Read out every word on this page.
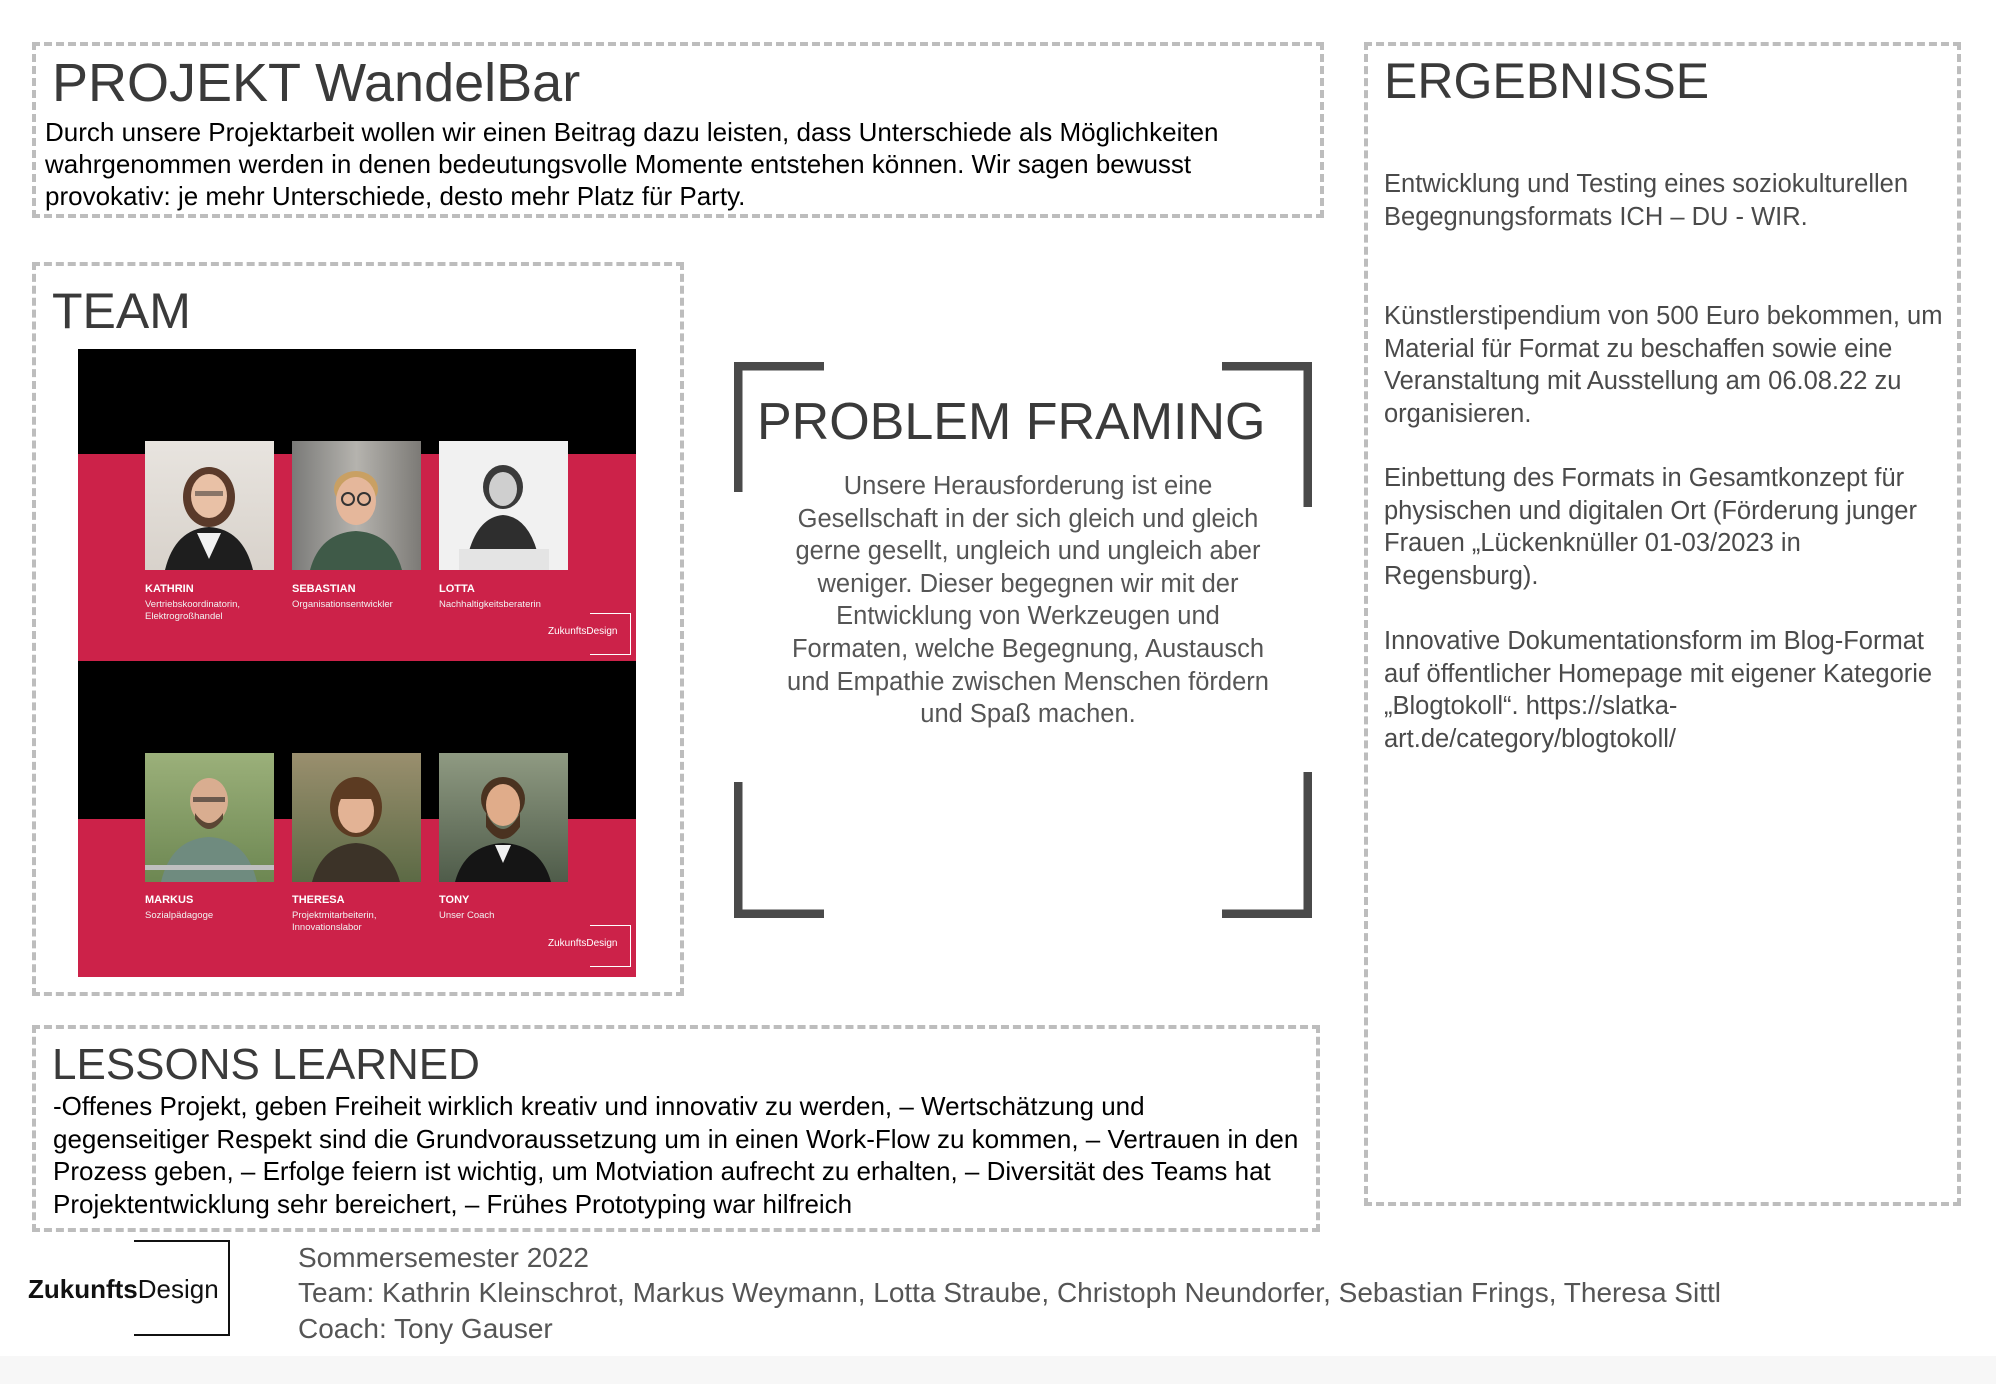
PROJEKT WandelBar
Durch unsere Projektarbeit wollen wir einen Beitrag dazu leisten, dass Unterschiede als Möglichkeiten wahrgenommen werden in denen bedeutungsvolle Momente entstehen können. Wir sagen bewusst provokativ: je mehr Unterschiede, desto mehr Platz für Party.
ERGEBNISSE
Entwicklung und Testing eines soziokulturellen Begegnungsformats ICH – DU - WIR.
Künstlerstipendium von 500 Euro bekommen, um Material für Format zu beschaffen sowie eine Veranstaltung mit Ausstellung am 06.08.22 zu organisieren.
Einbettung des Formats in Gesamtkonzept für physischen und digitalen Ort (Förderung junger Frauen „Lückenknüller 01-03/2023 in Regensburg).
Innovative Dokumentationsform im Blog-Format auf öffentlicher Homepage mit eigener Kategorie „Blogtokoll“. https://slatka-art.de/category/blogtokoll/
TEAM
KATHRIN
Vertriebskoordinatorin, Elektrogroßhandel
SEBASTIAN
Organisationsentwickler
LOTTA
Nachhaltigkeitsberaterin
ZukunftsDesign
MARKUS
Sozialpädagoge
THERESA
Projektmitarbeiterin, Innovationslabor
TONY
Unser Coach
ZukunftsDesign
PROBLEM FRAMING
Unsere Herausforderung ist eine Gesellschaft in der sich gleich und gleich gerne gesellt, ungleich und ungleich aber weniger. Dieser begegnen wir mit der Entwicklung von Werkzeugen und Formaten, welche Begegnung, Austausch und Empathie zwischen Menschen fördern und Spaß machen.
LESSONS LEARNED
-Offenes Projekt, geben Freiheit wirklich kreativ und innovativ zu werden, – Wertschätzung und gegenseitiger Respekt sind die Grundvoraussetzung um in einen Work-Flow zu kommen, – Vertrauen in den Prozess geben, – Erfolge feiern ist wichtig, um Motviation aufrecht zu erhalten, – Diversität des Teams hat Projektentwicklung sehr bereichert, – Frühes Prototyping war hilfreich
ZukunftsDesign
Sommersemester 2022
Team: Kathrin Kleinschrot, Markus Weymann, Lotta Straube, Christoph Neundorfer, Sebastian Frings, Theresa Sittl
Coach: Tony Gauser
